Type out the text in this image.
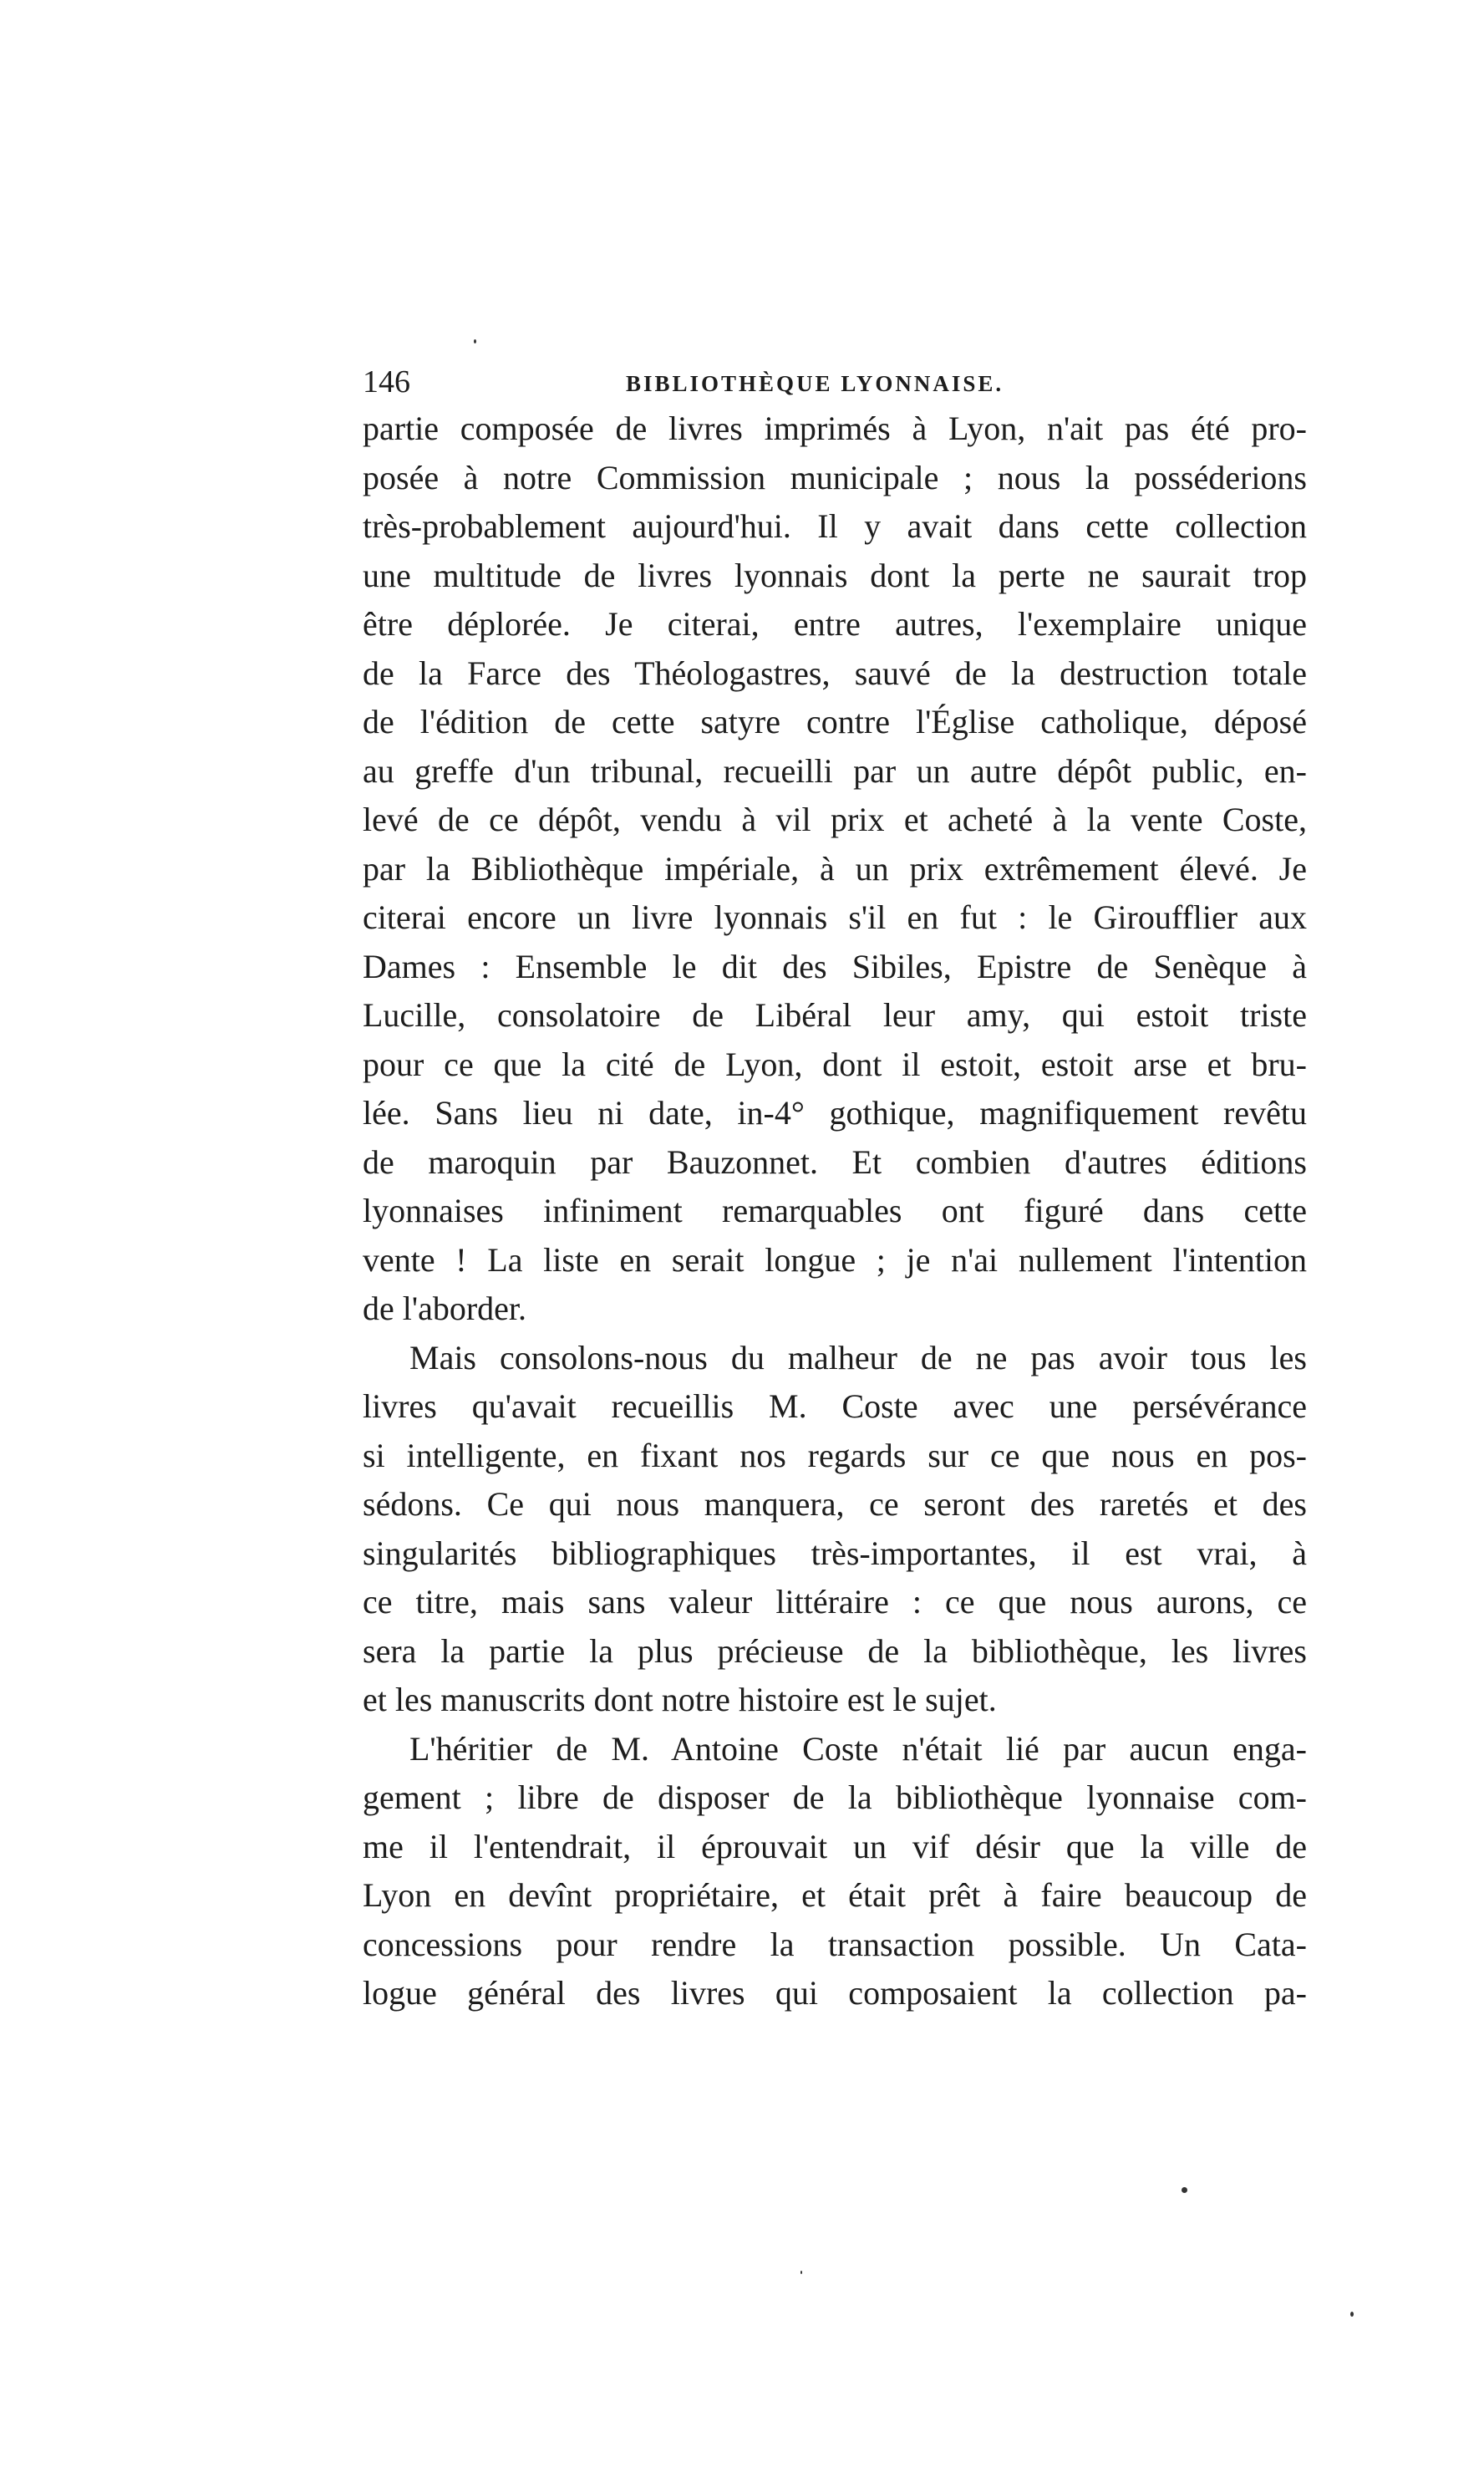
146	BIBLIOTHÈQUE LYONNAISE.
partie composée de livres imprimés à Lyon, n'ait pas été pro-
posée à notre Commission municipale ; nous la posséderions
très-probablement aujourd'hui. Il y avait dans cette collection
une multitude de livres lyonnais dont la perte ne saurait trop
être déplorée. Je citerai, entre autres, l'exemplaire unique
de la Farce des Théologastres, sauvé de la destruction totale
de l'édition de cette satyre contre l'Église catholique, déposé
au greffe d'un tribunal, recueilli par un autre dépôt public, en-
levé de ce dépôt, vendu à vil prix et acheté à la vente Coste,
par la Bibliothèque impériale, à un prix extrêmement élevé. Je
citerai encore un livre lyonnais s'il en fut : le Giroufflier aux
Dames : Ensemble le dit des Sibiles, Epistre de Senèque à
Lucille, consolatoire de Libéral leur amy, qui estoit triste
pour ce que la cité de Lyon, dont il estoit, estoit arse et bru-
lée. Sans lieu ni date, in-4° gothique, magnifiquement revêtu
de maroquin par Bauzonnet. Et combien d'autres éditions
lyonnaises infiniment remarquables ont figuré dans cette
vente ! La liste en serait longue ; je n'ai nullement l'intention
de l'aborder.
Mais consolons-nous du malheur de ne pas avoir tous les
livres qu'avait recueillis M. Coste avec une persévérance
si intelligente, en fixant nos regards sur ce que nous en pos-
sédons. Ce qui nous manquera, ce seront des raretés et des
singularités bibliographiques très-importantes, il est vrai, à
ce titre, mais sans valeur littéraire : ce que nous aurons, ce
sera la partie la plus précieuse de la bibliothèque, les livres
et les manuscrits dont notre histoire est le sujet.
L'héritier de M. Antoine Coste n'était lié par aucun enga-
gement ; libre de disposer de la bibliothèque lyonnaise com-
me il l'entendrait, il éprouvait un vif désir que la ville de
Lyon en devînt propriétaire, et était prêt à faire beaucoup de
concessions pour rendre la transaction possible. Un Cata-
logue général des livres qui composaient la collection pa-
